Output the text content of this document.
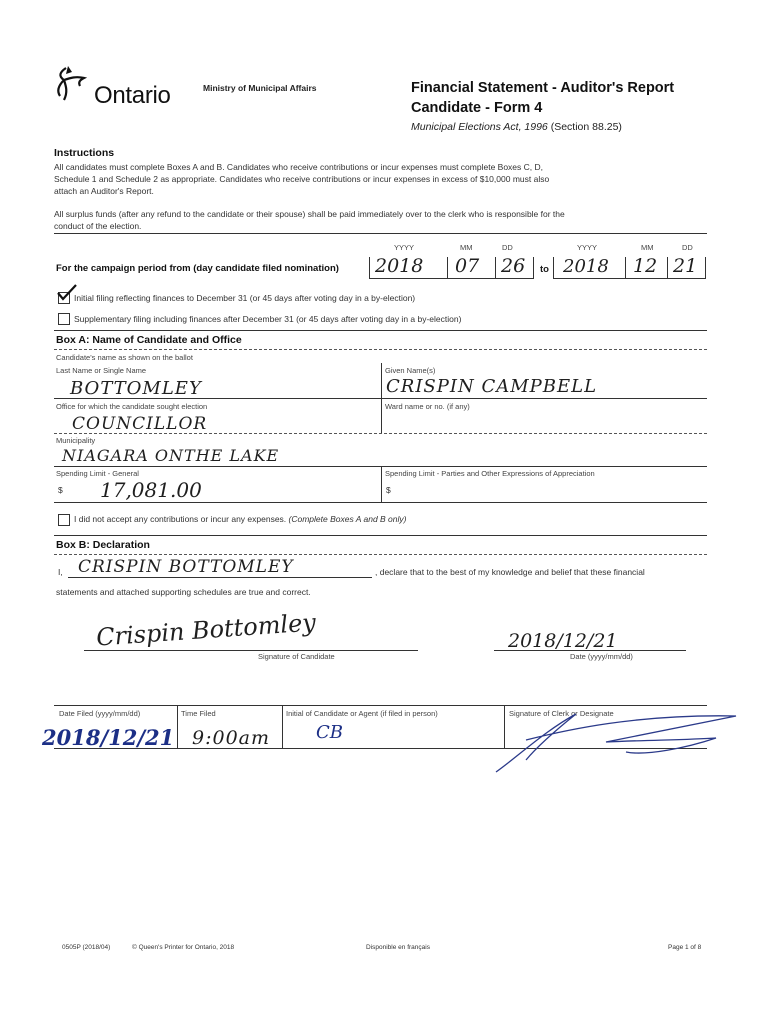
Ontario	Ministry of Municipal Affairs	Financial Statement - Auditor's Report
Candidate - Form 4
Municipal Elections Act, 1996 (Section 88.25)
Instructions
All candidates must complete Boxes A and B. Candidates who receive contributions or incur expenses must complete Boxes C, D,
Schedule 1 and Schedule 2 as appropriate. Candidates who receive contributions or incur expenses in excess of $10,000 must also
attach an Auditor's Report.
All surplus funds (after any refund to the candidate or their spouse) shall be paid immediately over to the clerk who is responsible for the
conduct of the election.
YYYY	MM	DD	YYYY	MM	DD
For the campaign period from (day candidate filed nomination) 2018 07 26 to 2018 12 21
Initial filing reflecting finances to December 31 (or 45 days after voting day in a by-election)
Supplementary filing including finances after December 31 (or 45 days after voting day in a by-election)
Box A: Name of Candidate and Office
Candidate's name as shown on the ballot
Last Name or Single Name
BOTTOMLEY
Given Name(s)
CRISPIN CAMPBELL
Office for which the candidate sought election
COUNCILLOR
Ward name or no. (if any)
Municipality
NIAGARA ONTHE LAKE
Spending Limit - General
$ 17,081.00
Spending Limit - Parties and Other Expressions of Appreciation
$
I did not accept any contributions or incur any expenses. (Complete Boxes A and B only)
Box B: Declaration
I, CRISPIN BOTTOMLEY	, declare that to the best of my knowledge and belief that these financial
statements and attached supporting schedules are true and correct.
Crispin Bottomley
Signature of Candidate
2018/12/21
Date (yyyy/mm/dd)
Date Filed (yyyy/mm/dd)
2018/12/21
Time Filed
9:00am
Initial of Candidate or Agent (if filed in person)
CB
Signature of Clerk or Designate
0505P (2018/04)	© Queen's Printer for Ontario, 2018	Disponible en français	Page 1 of 8
